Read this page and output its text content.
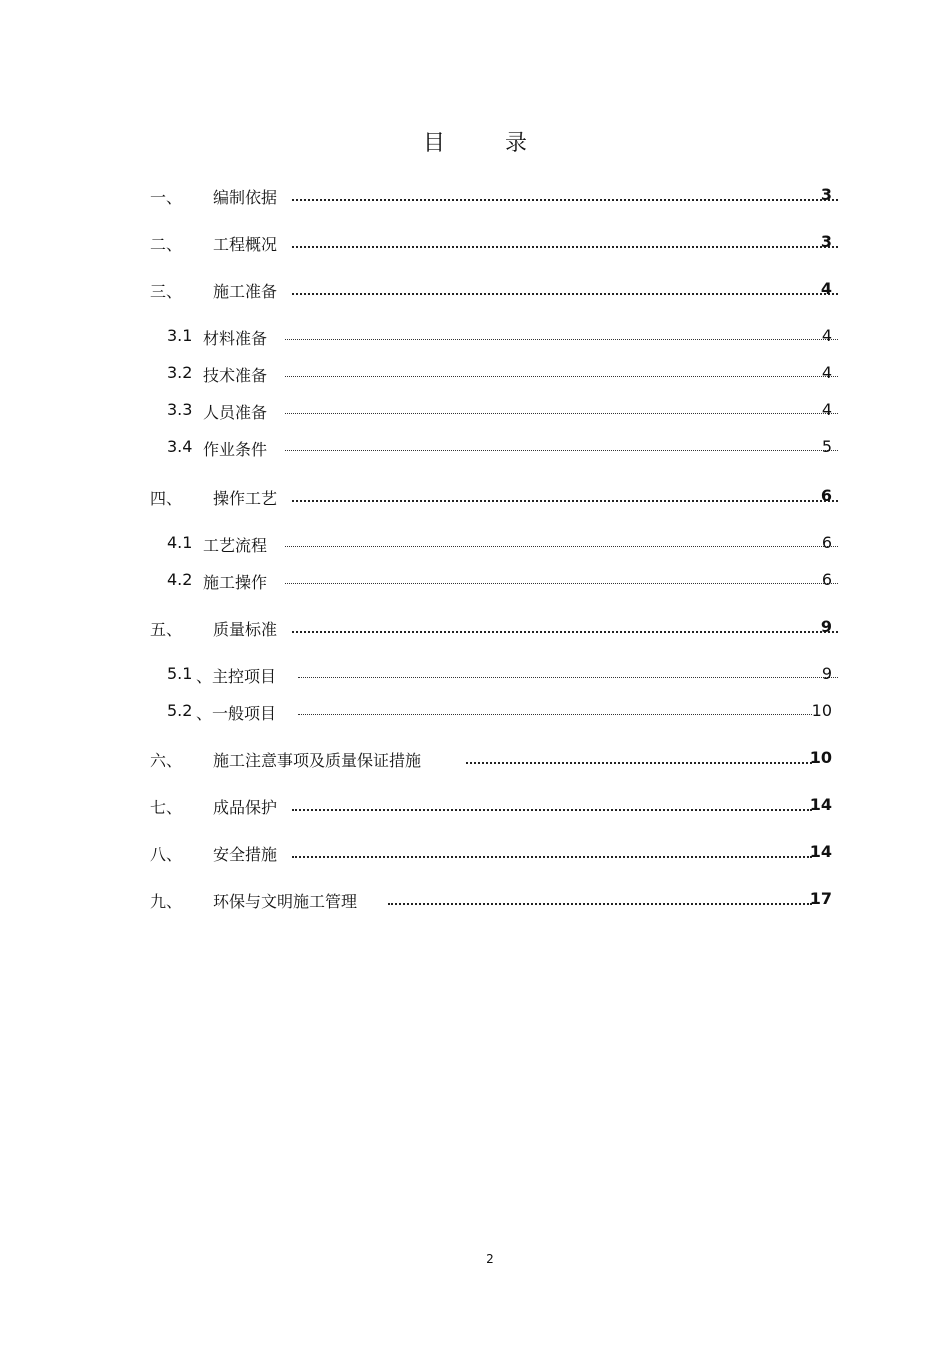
目	录
一、 编制依据	3
二、 工程概况	3
三、 施工准备	4
3.1 材料准备	4
3.2 技术准备	4
3.3 人员准备	4
3.4 作业条件	5
四、 操作工艺	6
4.1 工艺流程	6
4.2 施工操作	6
五、 质量标准	9
5.1 、主控项目	9
5.2 、一般项目	10
六、 施工注意事项及质量保证措施	10
七、 成品保护	14
八、 安全措施	14
九、 环保与文明施工管理	17
2
